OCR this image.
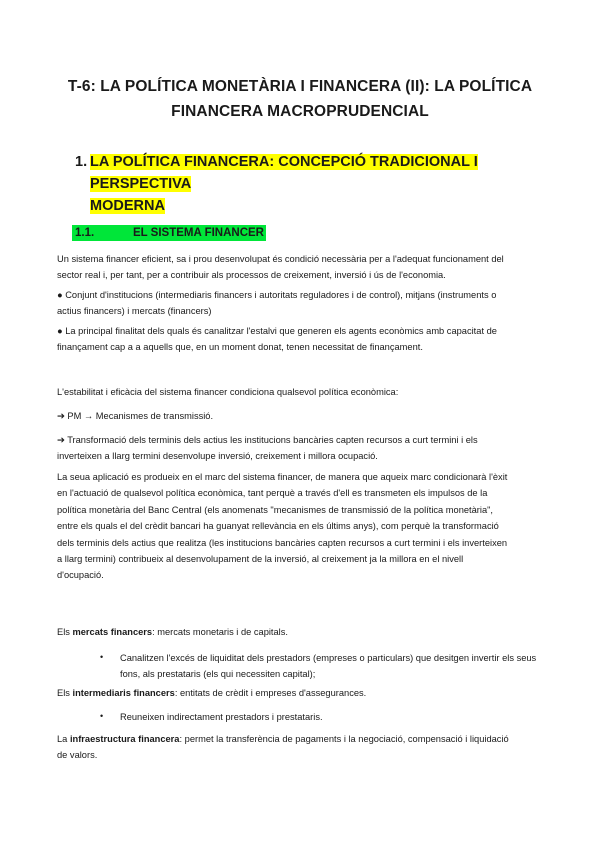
T-6: LA POLÍTICA MONETÀRIA I FINANCERA (II): LA POLÍTICA
FINANCERA MACROPRUDENCIAL
1. LA POLÍTICA FINANCERA: CONCEPCIÓ TRADICIONAL I PERSPECTIVA
MODERNA
1.1.	EL SISTEMA FINANCER
Un sistema financer eficient, sa i prou desenvolupat és condició necessària per a l'adequat funcionament del
sector real i, per tant, per a contribuir als processos de creixement, inversió i ús de l'economia.
● Conjunt d'institucions (intermediaris financers i autoritats reguladores i de control), mitjans (instruments o
actius financers) i mercats (financers)
● La principal finalitat dels quals és canalitzar l'estalvi que generen els agents econòmics amb capacitat de
finançament cap a a aquells que, en un moment donat, tenen necessitat de finançament.
L'estabilitat i eficàcia del sistema financer condiciona qualsevol política econòmica:
➔ PM → Mecanismes de transmissió.
➔ Transformació dels terminis dels actius les institucions bancàries capten recursos a curt termini i els
inverteixen a llarg termini desenvolupe inversió, creixement i millora ocupació.
La seua aplicació es produeix en el marc del sistema financer, de manera que aqueix marc condicionarà l'èxit
en l'actuació de qualsevol política econòmica, tant perquè a través d'ell es transmeten els impulsos de la
política monetària del Banc Central (els anomenats "mecanismes de transmissió de la política monetària",
entre els quals el del crèdit bancari ha guanyat rellevància en els últims anys), com perquè la transformació
dels terminis dels actius que realitza (les institucions bancàries capten recursos a curt termini i els inverteixen
a llarg termini) contribueix al desenvolupament de la inversió, al creixement ja la millora en el nivell
d'ocupació.
Els mercats financers: mercats monetaris i de capitals.
• Canalitzen l'excés de liquiditat dels prestadors (empreses o particulars) que desitgen invertir els seus
fons, als prestataris (els qui necessiten capital);
Els intermediaris financers: entitats de crèdit i empreses d'assegurances.
• Reuneixen indirectament prestadors i prestataris.
La infraestructura financera: permet la transferència de pagaments i la negociació, compensació i liquidació
de valors.
